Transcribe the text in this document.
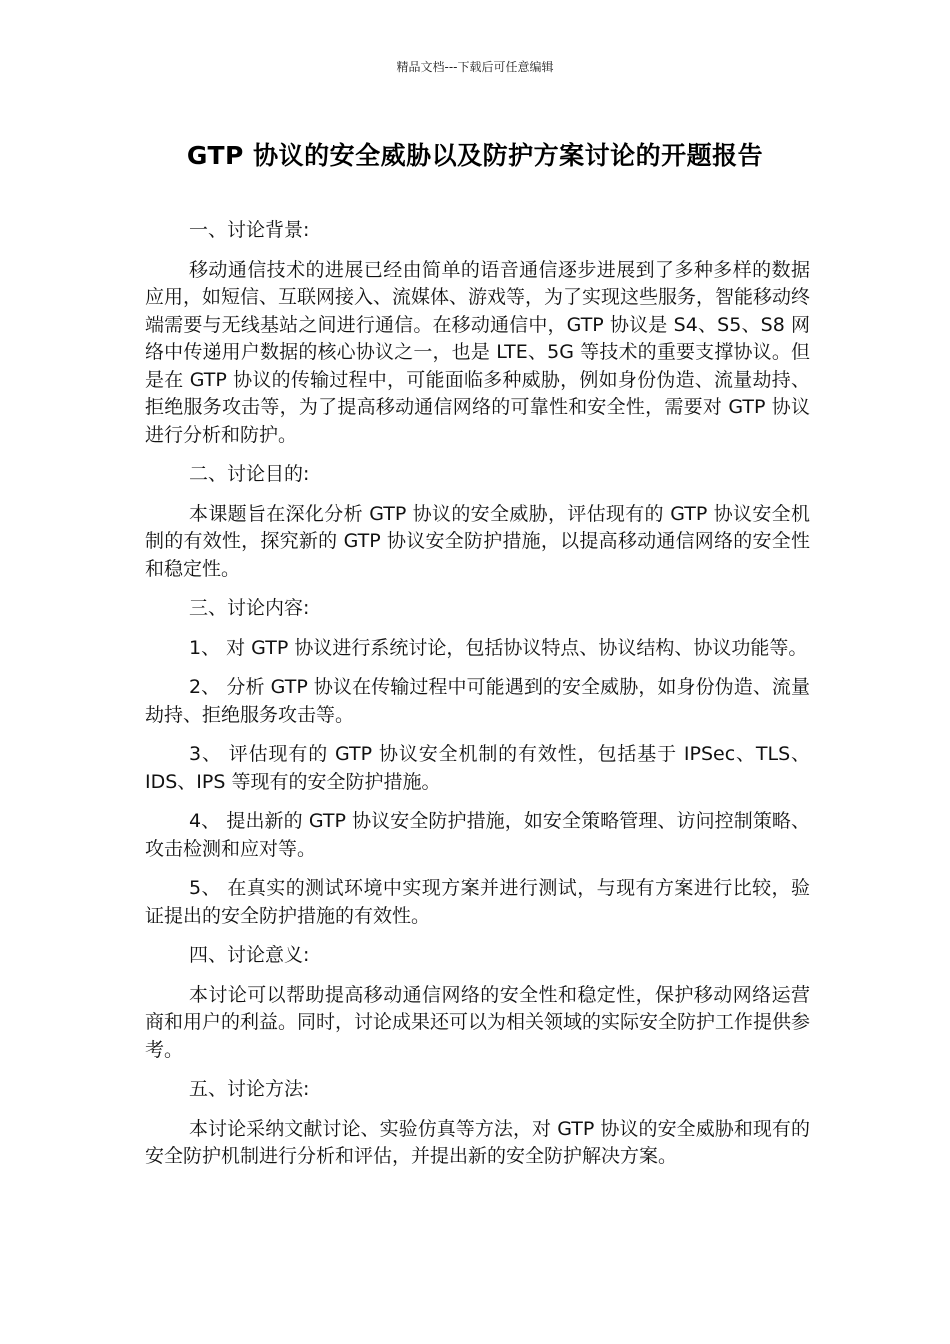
精品文档---下载后可任意编辑
GTP 协议的安全威胁以及防护方案讨论的开题报告
一、讨论背景:

移动通信技术的进展已经由简单的语音通信逐步进展到了多种多样的数据应用，如短信、互联网接入、流媒体、游戏等，为了实现这些服务，智能移动终端需要与无线基站之间进行通信。在移动通信中，GTP 协议是 S4、S5、S8 网络中传递用户数据的核心协议之一，也是 LTE、5G 等技术的重要支撑协议。但是在 GTP 协议的传输过程中，可能面临多种威胁，例如身份伪造、流量劫持、拒绝服务攻击等，为了提高移动通信网络的可靠性和安全性，需要对 GTP 协议进行分析和防护。

二、讨论目的:

本课题旨在深化分析 GTP 协议的安全威胁，评估现有的 GTP 协议安全机制的有效性，探究新的 GTP 协议安全防护措施，以提高移动通信网络的安全性和稳定性。

三、讨论内容:

1、 对 GTP 协议进行系统讨论，包括协议特点、协议结构、协议功能等。

2、 分析 GTP 协议在传输过程中可能遇到的安全威胁，如身份伪造、流量劫持、拒绝服务攻击等。

3、 评估现有的 GTP 协议安全机制的有效性，包括基于 IPSec、TLS、IDS、IPS 等现有的安全防护措施。

4、 提出新的 GTP 协议安全防护措施，如安全策略管理、访问控制策略、攻击检测和应对等。

5、 在真实的测试环境中实现方案并进行测试，与现有方案进行比较，验证提出的安全防护措施的有效性。

四、讨论意义:

本讨论可以帮助提高移动通信网络的安全性和稳定性，保护移动网络运营商和用户的利益。同时，讨论成果还可以为相关领域的实际安全防护工作提供参考。

五、讨论方法:

本讨论采纳文献讨论、实验仿真等方法，对 GTP 协议的安全威胁和现有的安全防护机制进行分析和评估，并提出新的安全防护解决方案。
